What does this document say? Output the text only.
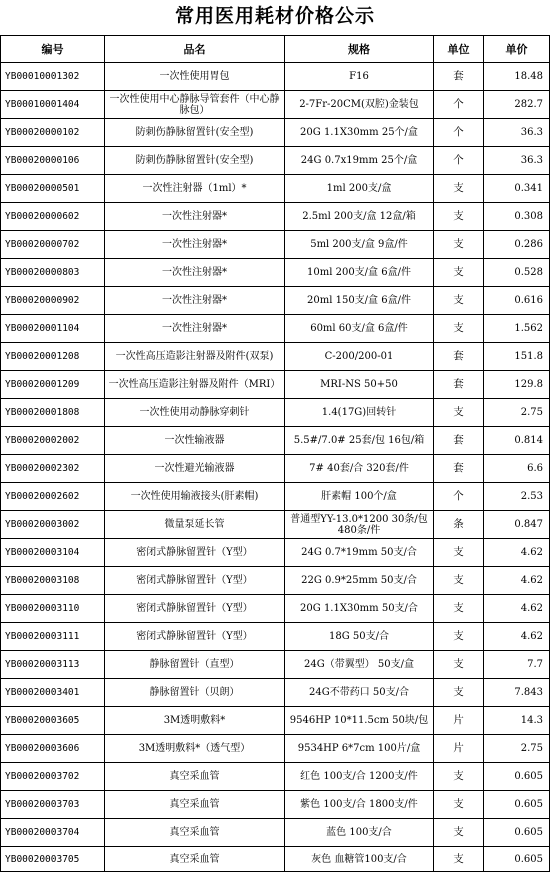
常用医用耗材价格公示
编号	品名	规格	单位	单价
YB00010001302	一次性使用胃包	F16	套	18.48
YB00010001404	一次性使用中心静脉导管套件（中心静脉包）	2-7Fr-20CM(双腔)金装包	个	282.7
YB00020000102	防刺伤静脉留置针(安全型)	20G 1.1X30mm 25个/盒	个	36.3
YB00020000106	防刺伤静脉留置针(安全型)	24G 0.7x19mm 25个/盒	个	36.3
YB00020000501	一次性注射器（1ml）*	1ml 200支/盒	支	0.341
YB00020000602	一次性注射器*	2.5ml 200支/盒 12盒/箱	支	0.308
YB00020000702	一次性注射器*	5ml 200支/盒 9盒/件	支	0.286
YB00020000803	一次性注射器*	10ml 200支/盒 6盒/件	支	0.528
YB00020000902	一次性注射器*	20ml 150支/盒 6盒/件	支	0.616
YB00020001104	一次性注射器*	60ml 60支/盒 6盒/件	支	1.562
YB00020001208	一次性高压造影注射器及附件(双泵)	C-200/200-01	套	151.8
YB00020001209	一次性高压造影注射器及附件（MRI）	MRI-NS 50+50	套	129.8
YB00020001808	一次性使用动静脉穿刺针	1.4(17G)回转针	支	2.75
YB00020002002	一次性输液器	5.5#/7.0# 25套/包 16包/箱	套	0.814
YB00020002302	一次性避光输液器	7# 40套/合 320套/件	套	6.6
YB00020002602	一次性使用输液接头(肝素帽)	肝素帽 100个/盒	个	2.53
YB00020003002	微量泵延长管	普通型YY-13.0*1200 30条/包 480条/件	条	0.847
YB00020003104	密闭式静脉留置针（Y型）	24G 0.7*19mm 50支/合	支	4.62
YB00020003108	密闭式静脉留置针（Y型）	22G 0.9*25mm 50支/合	支	4.62
YB00020003110	密闭式静脉留置针（Y型）	20G 1.1X30mm 50支/合	支	4.62
YB00020003111	密闭式静脉留置针（Y型）	18G 50支/合	支	4.62
YB00020003113	静脉留置针（直型）	24G（带翼型） 50支/盒	支	7.7
YB00020003401	静脉留置针（贝朗）	24G不带药口 50支/合	支	7.843
YB00020003605	3M透明敷料*	9546HP 10*11.5cm 50块/包	片	14.3
YB00020003606	3M透明敷料*（透气型）	9534HP 6*7cm 100片/盒	片	2.75
YB00020003702	真空采血管	红色 100支/合 1200支/件	支	0.605
YB00020003703	真空采血管	紫色 100支/合 1800支/件	支	0.605
YB00020003704	真空采血管	蓝色 100支/合	支	0.605
YB00020003705	真空采血管	灰色 血糖管100支/合	支	0.605
